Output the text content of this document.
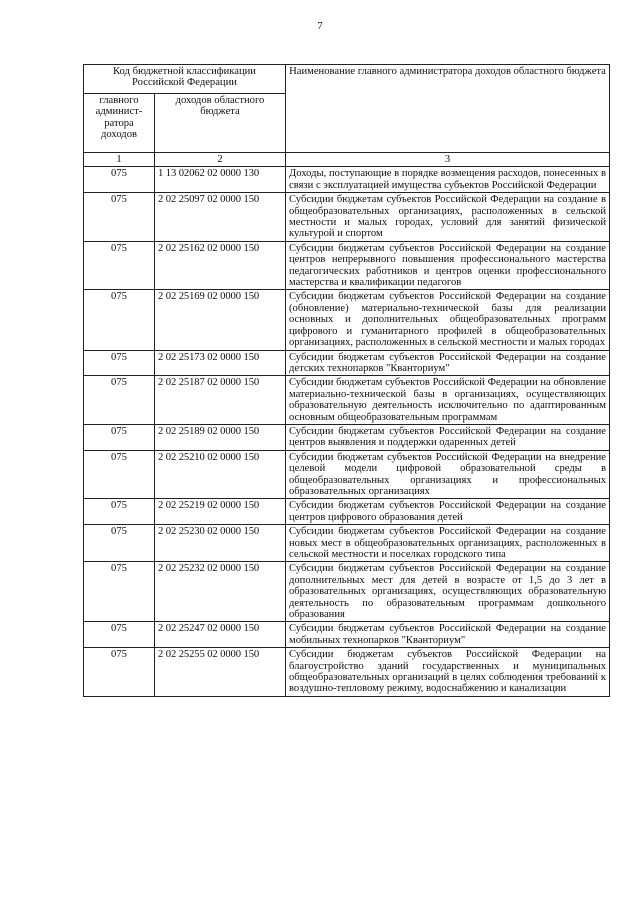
7
Код бюджетной классификации Российской Федерации		Наименование главного администратора доходов областного бюджета
главного админист-ратора доходов	доходов областного бюджета	
1	2	3
075	1 13 02062 02 0000 130	Доходы, поступающие в порядке возмещения расходов, понесенных в связи с эксплуатацией имущества субъектов Российской Федерации
075	2 02 25097 02 0000 150	Субсидии бюджетам субъектов Российской Федерации на создание в общеобразовательных организациях, расположенных в сельской местности и малых городах, условий для занятий физической культурой и спортом
075	2 02 25162 02 0000 150	Субсидии бюджетам субъектов Российской Федерации на создание центров непрерывного повышения профессионального мастерства педагогических работников и центров оценки профессионального мастерства и квалификации педагогов
075	2 02 25169 02 0000 150	Субсидии бюджетам субъектов Российской Федерации на создание (обновление) материально-технической базы для реализации основных и дополнительных общеобразовательных программ цифрового и гуманитарного профилей в общеобразовательных организациях, расположенных в сельской местности и малых городах
075	2 02 25173 02 0000 150	Субсидии бюджетам субъектов Российской Федерации на создание детских технопарков "Кванториум"
075	2 02 25187 02 0000 150	Субсидии бюджетам субъектов Российской Федерации на обновление материально-технической базы в организациях, осуществляющих образовательную деятельность исключительно по адаптированным основным общеобразовательным программам
075	2 02 25189 02 0000 150	Субсидии бюджетам субъектов Российской Федерации на создание центров выявления и поддержки одаренных детей
075	2 02 25210 02 0000 150	Субсидии бюджетам субъектов Российской Федерации на внедрение целевой модели цифровой образовательной среды в общеобразовательных организациях и профессиональных образовательных организациях
075	2 02 25219 02 0000 150	Субсидии бюджетам субъектов Российской Федерации на создание центров цифрового образования детей
075	2 02 25230 02 0000 150	Субсидии бюджетам субъектов Российской Федерации на создание новых мест в общеобразовательных организациях, расположенных в сельской местности и поселках городского типа
075	2 02 25232 02 0000 150	Субсидии бюджетам субъектов Российской Федерации на создание дополнительных мест для детей в возрасте от 1,5 до 3 лет в образовательных организациях, осуществляющих образовательную деятельность по образовательным программам дошкольного образования
075	2 02 25247 02 0000 150	Субсидии бюджетам субъектов Российской Федерации на создание мобильных технопарков "Кванториум"
075	2 02 25255 02 0000 150	Субсидии бюджетам субъектов Российской Федерации на благоустройство зданий государственных и муниципальных общеобразовательных организаций в целях соблюдения требований к воздушно-тепловому режиму, водоснабжению и канализации
